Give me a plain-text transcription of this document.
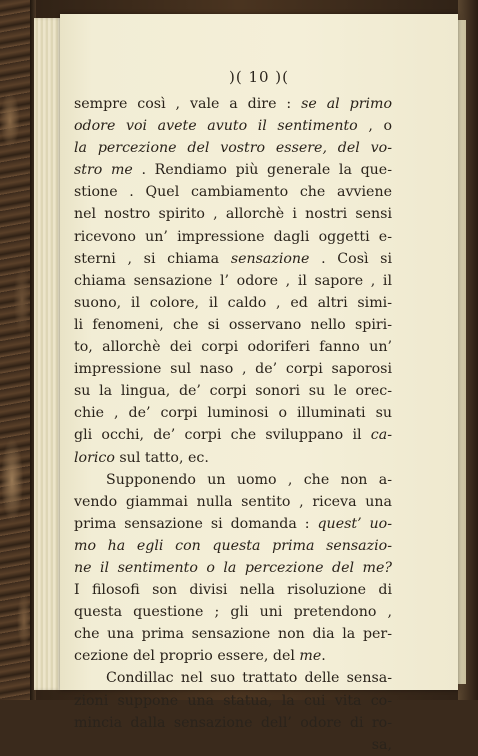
)( 10 )(
sempre così , vale a dire : se al primo
odore voi avete avuto il sentimento , o
la percezione del vostro essere, del vo-
stro me . Rendiamo più generale la que-
stione . Quel cambiamento che avviene
nel nostro spirito , allorchè i nostri sensi
ricevono un’ impressione dagli oggetti e-
sterni , si chiama sensazione . Così si
chiama sensazione l’ odore , il sapore , il
suono, il colore, il caldo , ed altri simi-
li fenomeni, che si osservano nello spiri-
to, allorchè dei corpi odoriferi fanno un’
impressione sul naso , de’ corpi saporosi
su la lingua, de’ corpi sonori su le orec-
chie , de’ corpi luminosi o illuminati su
gli occhi, de’ corpi che sviluppano il ca-
lorico sul tatto, ec.
Supponendo un uomo , che non a-
vendo giammai nulla sentito , riceva una
prima sensazione si domanda : quest’ uo-
mo ha egli con questa prima sensazio-
ne il sentimento o la percezione del me?
I filosofi son divisi nella risoluzione di
questa questione ; gli uni pretendono ,
che una prima sensazione non dia la per-
cezione del proprio essere, del me.
Condillac nel suo trattato delle sensa-
zioni suppone una statua, la cui vita co-
mincia dalla sensazione dell’ odore di ro-
sa,
